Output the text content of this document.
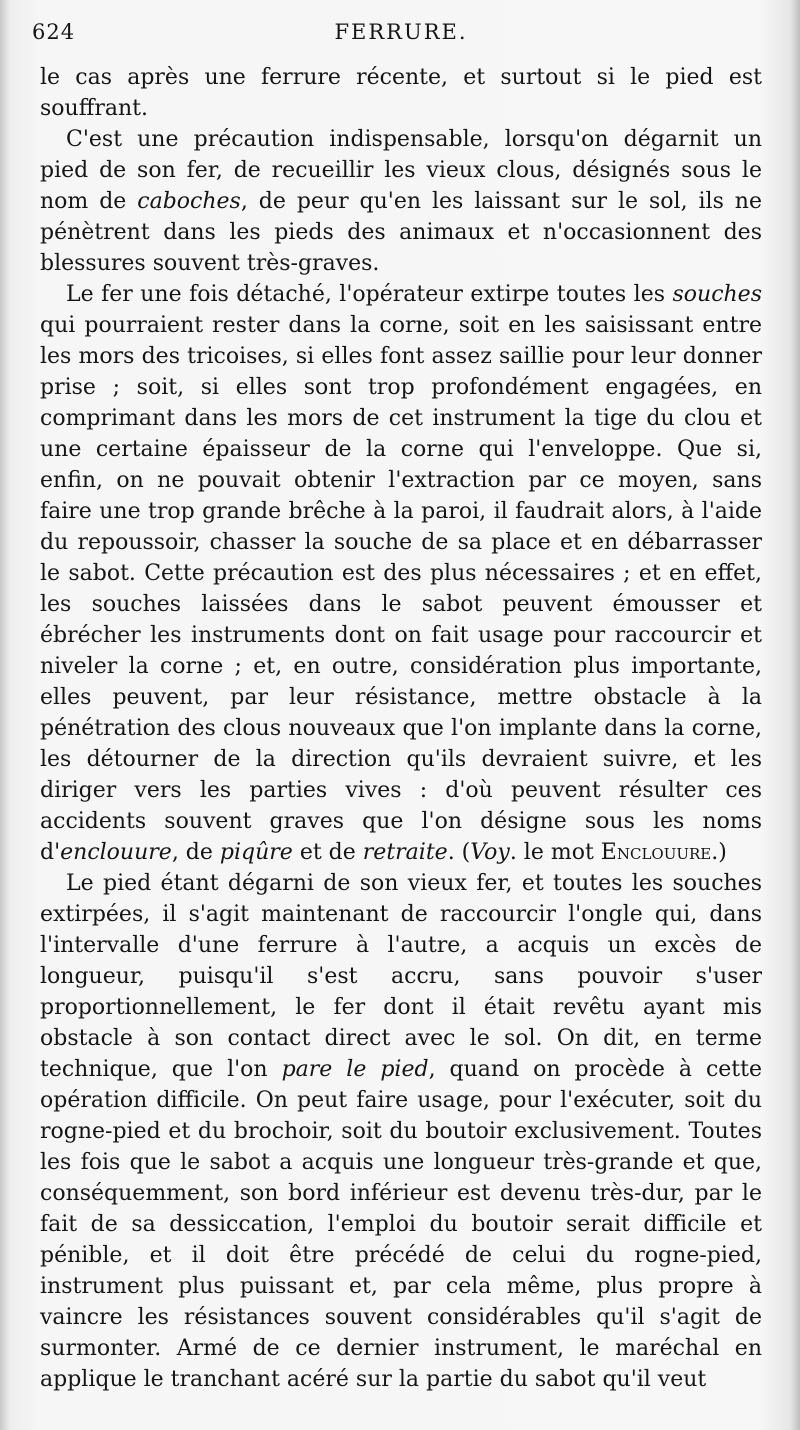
624	FERRURE.

le cas après une ferrure récente, et surtout si le pied est souffrant.

C'est une précaution indispensable, lorsqu'on dégarnit un pied de son fer, de recueillir les vieux clous, désignés sous le nom de caboches, de peur qu'en les laissant sur le sol, ils ne pénètrent dans les pieds des animaux et n'occasionnent des blessures souvent très-graves.

Le fer une fois détaché, l'opérateur extirpe toutes les souches qui pourraient rester dans la corne, soit en les saisissant entre les mors des tricoises, si elles font assez saillie pour leur donner prise ; soit, si elles sont trop profondément engagées, en comprimant dans les mors de cet instrument la tige du clou et une certaine épaisseur de la corne qui l'enveloppe. Que si, enfin, on ne pouvait obtenir l'extraction par ce moyen, sans faire une trop grande brêche à la paroi, il faudrait alors, à l'aide du repoussoir, chasser la souche de sa place et en débarrasser le sabot. Cette précaution est des plus nécessaires ; et en effet, les souches laissées dans le sabot peuvent émousser et ébrécher les instruments dont on fait usage pour raccourcir et niveler la corne ; et, en outre, considération plus importante, elles peuvent, par leur résistance, mettre obstacle à la pénétration des clous nouveaux que l'on implante dans la corne, les détourner de la direction qu'ils devraient suivre, et les diriger vers les parties vives : d'où peuvent résulter ces accidents souvent graves que l'on désigne sous les noms d'enclouure, de piqûre et de retraite. (Voy. le mot Enclouure.)

Le pied étant dégarni de son vieux fer, et toutes les souches extirpées, il s'agit maintenant de raccourcir l'ongle qui, dans l'intervalle d'une ferrure à l'autre, a acquis un excès de longueur, puisqu'il s'est accru, sans pouvoir s'user proportionnellement, le fer dont il était revêtu ayant mis obstacle à son contact direct avec le sol. On dit, en terme technique, que l'on pare le pied, quand on procède à cette opération difficile. On peut faire usage, pour l'exécuter, soit du rogne-pied et du brochoir, soit du boutoir exclusivement. Toutes les fois que le sabot a acquis une longueur très-grande et que, conséquemment, son bord inférieur est devenu très-dur, par le fait de sa dessiccation, l'emploi du boutoir serait difficile et pénible, et il doit être précédé de celui du rogne-pied, instrument plus puissant et, par cela même, plus propre à vaincre les résistances souvent considérables qu'il s'agit de surmonter. Armé de ce dernier instrument, le maréchal en applique le tranchant acéré sur la partie du sabot qu'il veut
